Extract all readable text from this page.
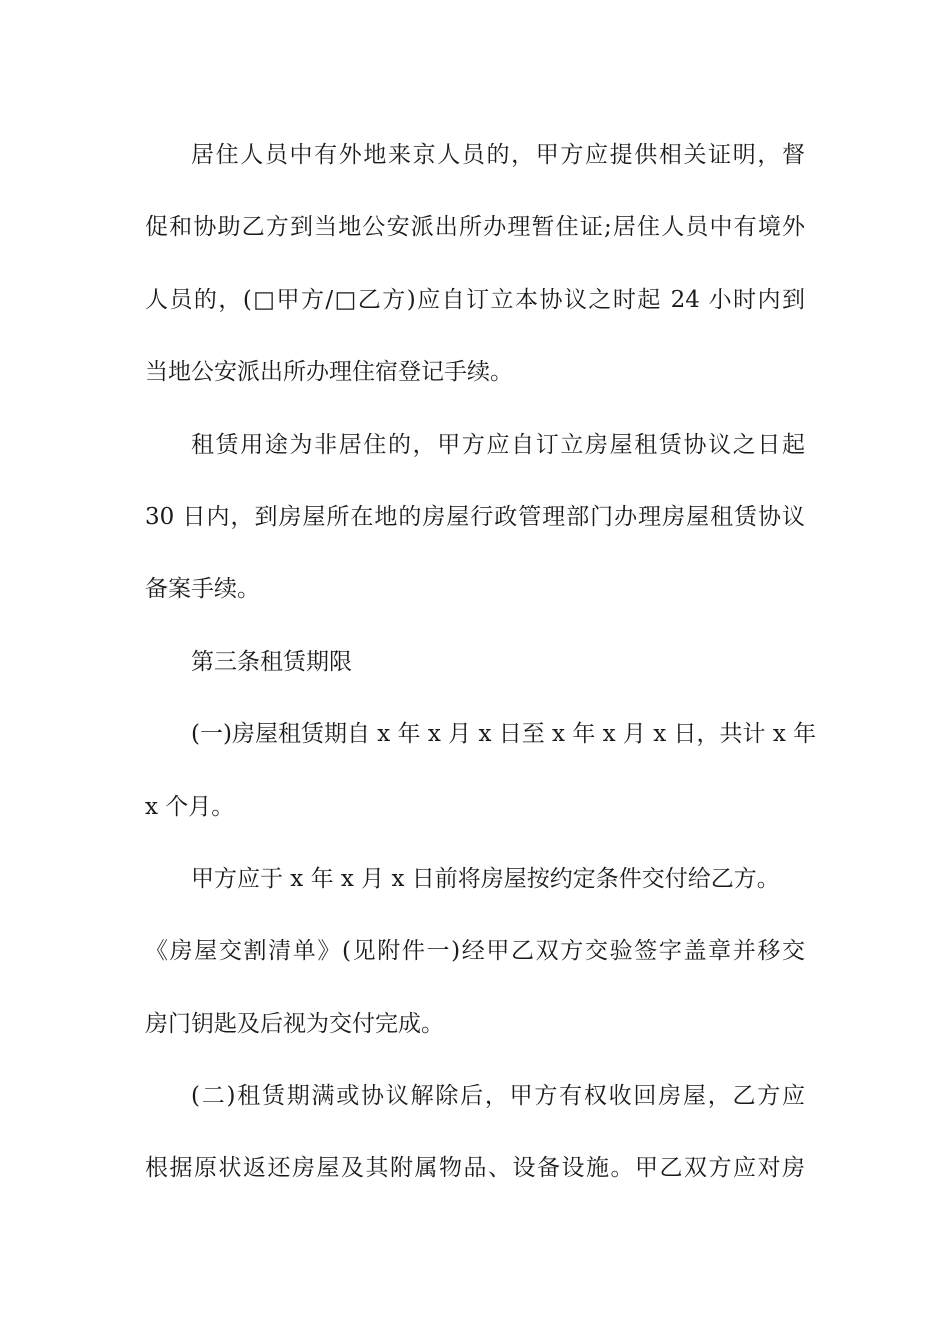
居住人员中有外地来京人员的，甲方应提供相关证明，督
促和协助乙方到当地公安派出所办理暂住证;居住人员中有境外
人员的，(□甲方/□乙方)应自订立本协议之时起 24 小时内到
当地公安派出所办理住宿登记手续。
租赁用途为非居住的，甲方应自订立房屋租赁协议之日起
30 日内，到房屋所在地的房屋行政管理部门办理房屋租赁协议
备案手续。
第三条租赁期限
(一)房屋租赁期自 x 年 x 月 x 日至 x 年 x 月 x 日，共计 x 年
x 个月。
甲方应于 x 年 x 月 x 日前将房屋按约定条件交付给乙方。
《房屋交割清单》(见附件一)经甲乙双方交验签字盖章并移交
房门钥匙及后视为交付完成。
(二)租赁期满或协议解除后，甲方有权收回房屋，乙方应
根据原状返还房屋及其附属物品、设备设施。甲乙双方应对房
